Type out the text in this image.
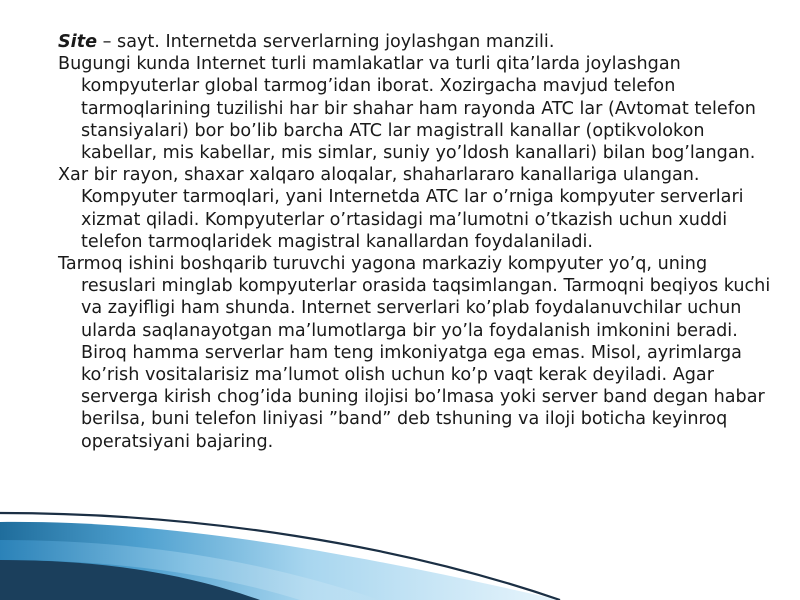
Site – sayt. Internetda serverlarning joylashgan manzili.

Bugungi kunda Internet turli mamlakatlar va turli qita’larda joylashgan kompyuterlar global tarmog’idan iborat. Xozirgacha mavjud telefon tarmoqlarining tuzilishi har bir shahar ham rayonda ATC lar (Avtomat telefon stansiyalari) bor bo’lib barcha ATC lar magistrall kanallar (optikvolokon kabellar, mis kabellar, mis simlar, suniy yo’ldosh kanallari) bilan bog’langan.

Xar bir rayon, shaxar xalqaro aloqalar, shaharlararo kanallariga ulangan. Kompyuter tarmoqlari, yani Internetda ATC lar o’rniga kompyuter serverlari xizmat qiladi. Kompyuterlar o’rtasidagi ma’lumotni o’tkazish uchun xuddi telefon tarmoqlaridek magistral kanallardan foydalaniladi.

Tarmoq ishini boshqarib turuvchi yagona markaziy kompyuter yo’q, uning resuslari minglab kompyuterlar orasida taqsimlangan. Tarmoqni beqiyos kuchi va zayifligi ham shunda. Internet serverlari ko’plab foydalanuvchilar uchun ularda saqlanayotgan ma’lumotlarga bir yo’la foydalanish imkonini beradi. Biroq hamma serverlar ham teng imkoniyatga ega emas. Misol, ayrimlarga ko’rish vositalarisiz ma’lumot olish uchun ko’p vaqt kerak deyiladi. Agar serverga kirish chog’ida buning ilojisi bo’lmasa yoki server band degan habar berilsa, buni telefon liniyasi ”band” deb tshuning va iloji boticha keyinroq operatsiyani bajaring.
